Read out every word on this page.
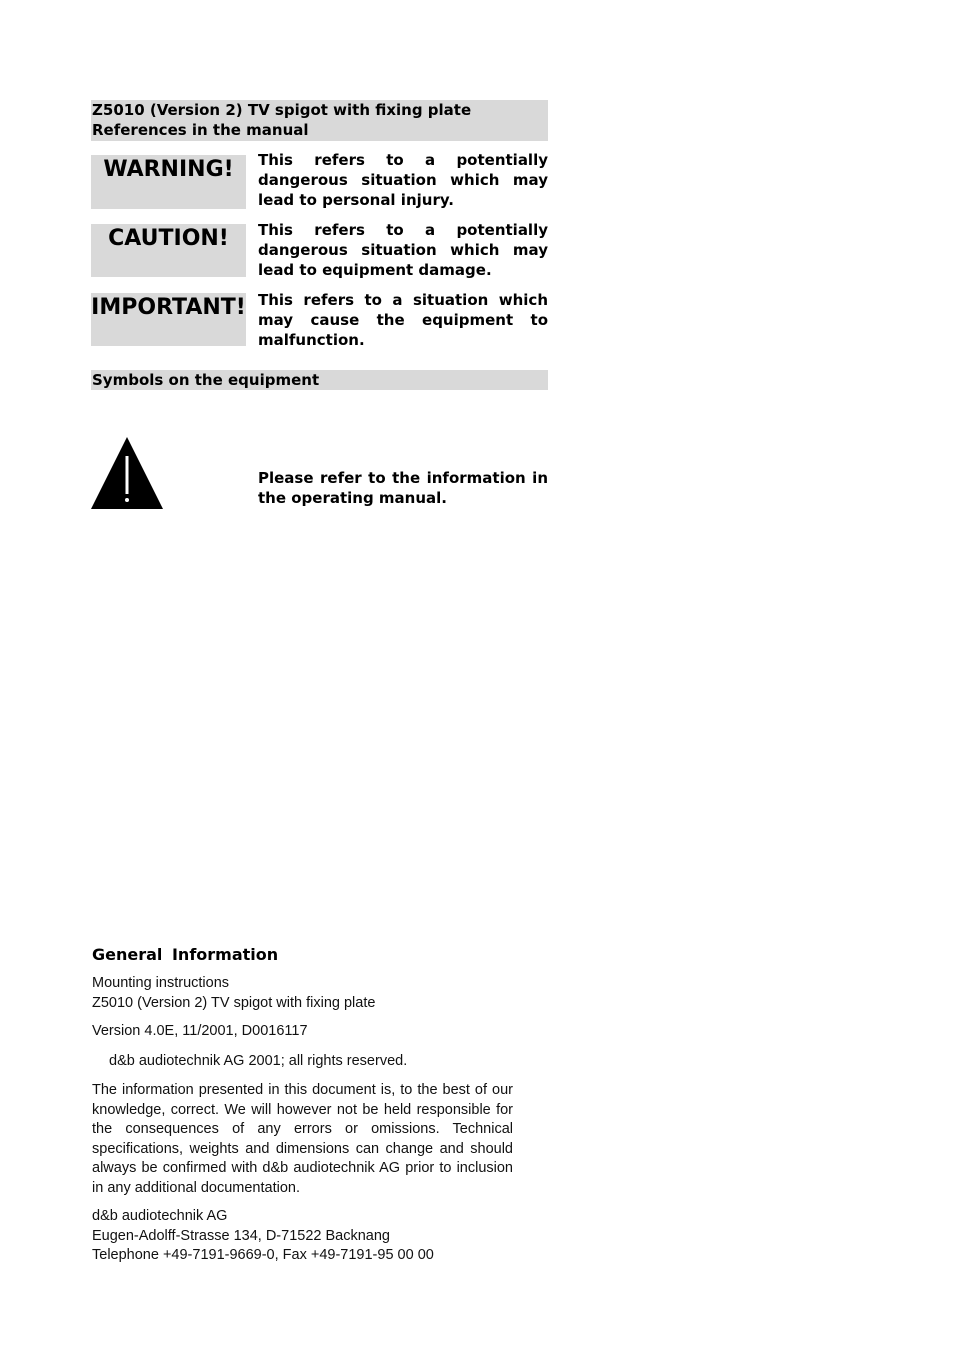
Z5010 (Version 2) TV spigot with fixing plate
References in the manual
WARNING!	This refers to a potentially dangerous situation which may lead to personal injury.
CAUTION!	This refers to a potentially dangerous situation which may lead to equipment damage.
IMPORTANT! This refers to a situation which may cause the equipment to malfunction.
Symbols on the equipment
Please refer to the information in the operating manual.
General Information
Mounting instructions
Z5010 (Version 2) TV spigot with fixing plate
Version 4.0E, 11/2001, D0016117
d&b audiotechnik AG 2001; all rights reserved.
The information presented in this document is, to the best of our knowledge, correct. We will however not be held responsible for the consequences of any errors or omissions. Technical specifications, weights and dimensions can change and should always be confirmed with d&b audiotechnik AG prior to inclusion in any additional documentation.
d&b audiotechnik AG
Eugen-Adolff-Strasse 134, D-71522 Backnang
Telephone +49-7191-9669-0, Fax +49-7191-95 00 00
